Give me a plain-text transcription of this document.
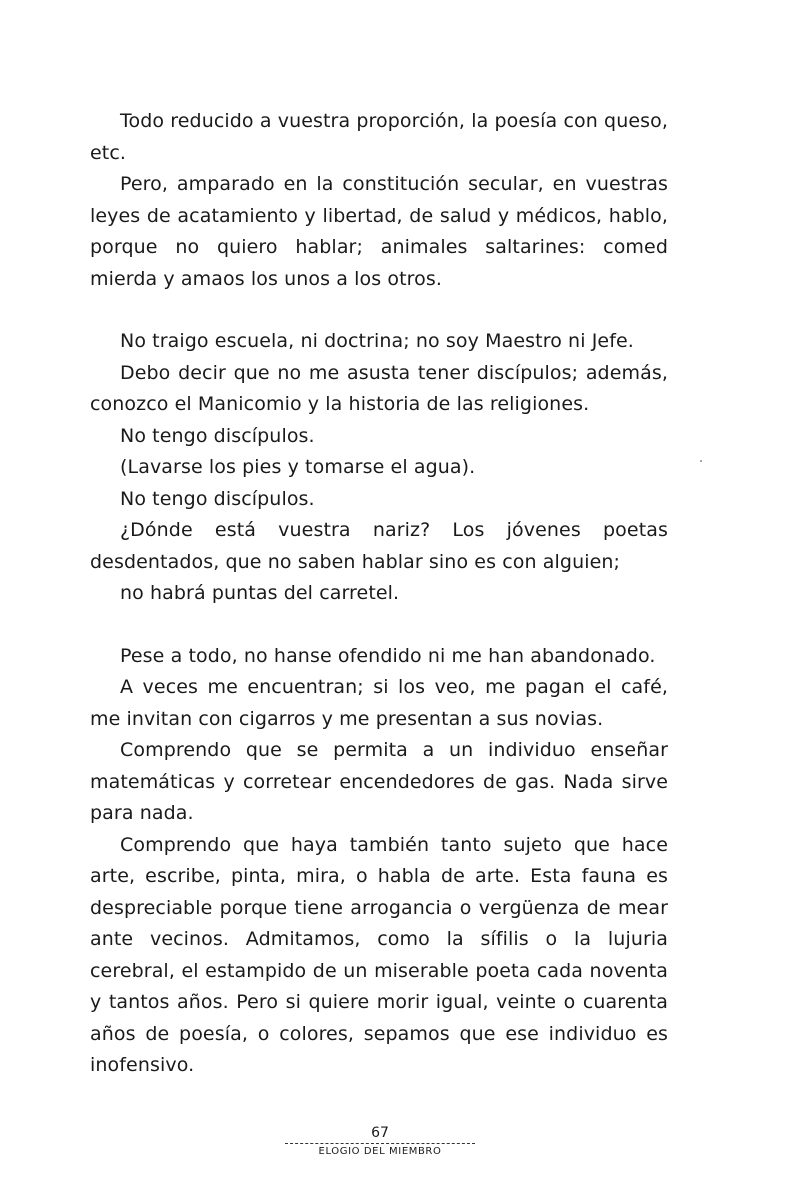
Todo reducido a vuestra proporción, la poesía con queso, etc.

Pero, amparado en la constitución secular, en vuestras leyes de acatamiento y libertad, de salud y médicos, hablo, porque no quiero hablar; animales saltarines: comed mierda y amaos los unos a los otros.

No traigo escuela, ni doctrina; no soy Maestro ni Jefe.

Debo decir que no me asusta tener discípulos; además, conozco el Manicomio y la historia de las religiones.

No tengo discípulos.

(Lavarse los pies y tomarse el agua).

No tengo discípulos.

¿Dónde está vuestra nariz? Los jóvenes poetas desdentados, que no saben hablar sino es con alguien;

no habrá puntas del carretel.

Pese a todo, no hanse ofendido ni me han abandonado.

A veces me encuentran; si los veo, me pagan el café, me invitan con cigarros y me presentan a sus novias.

Comprendo que se permita a un individuo enseñar matemáticas y corretear encendedores de gas. Nada sirve para nada.

Comprendo que haya también tanto sujeto que hace arte, escribe, pinta, mira, o habla de arte. Esta fauna es despreciable porque tiene arrogancia o vergüenza de mear ante vecinos. Admitamos, como la sífilis o la lujuria cerebral, el estampido de un miserable poeta cada noventa y tantos años. Pero si quiere morir igual, veinte o cuarenta años de poesía, o colores, sepamos que ese individuo es inofensivo.

67
ELOGIO DEL MIEMBRO
